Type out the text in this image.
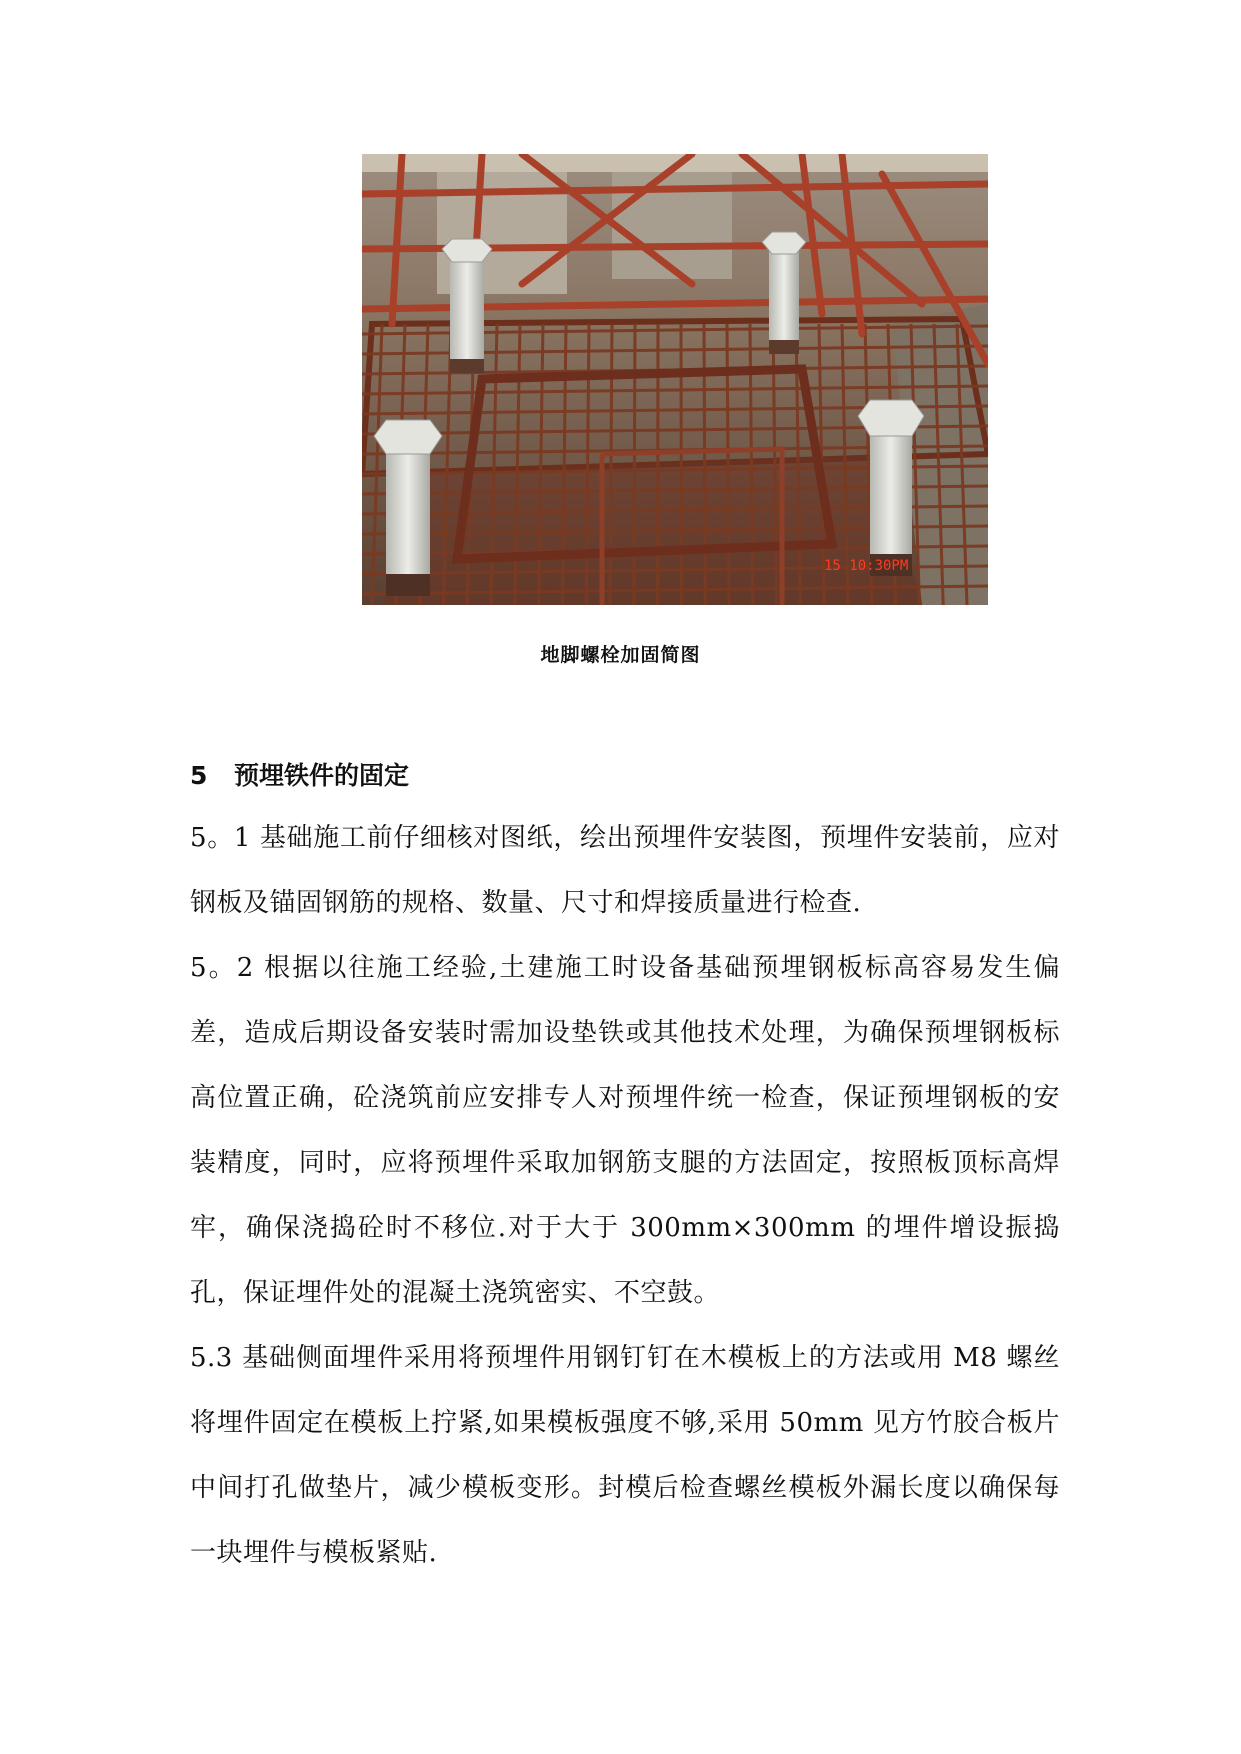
15 10:30PM
地脚螺栓加固简图
5 预埋铁件的固定

5。1 基础施工前仔细核对图纸，绘出预埋件安装图，预埋件安装前，应对钢板及锚固钢筋的规格、数量、尺寸和焊接质量进行检查.

5。2 根据以往施工经验,土建施工时设备基础预埋钢板标高容易发生偏差，造成后期设备安装时需加设垫铁或其他技术处理，为确保预埋钢板标高位置正确，砼浇筑前应安排专人对预埋件统一检查，保证预埋钢板的安装精度，同时，应将预埋件采取加钢筋支腿的方法固定，按照板顶标高焊牢，确保浇捣砼时不移位.对于大于 300mm×300mm 的埋件增设振捣孔，保证埋件处的混凝土浇筑密实、不空鼓。

5.3 基础侧面埋件采用将预埋件用钢钉钉在木模板上的方法或用 M8 螺丝将埋件固定在模板上拧紧,如果模板强度不够,采用 50mm 见方竹胶合板片中间打孔做垫片，减少模板变形。封模后检查螺丝模板外漏长度以确保每一块埋件与模板紧贴.
